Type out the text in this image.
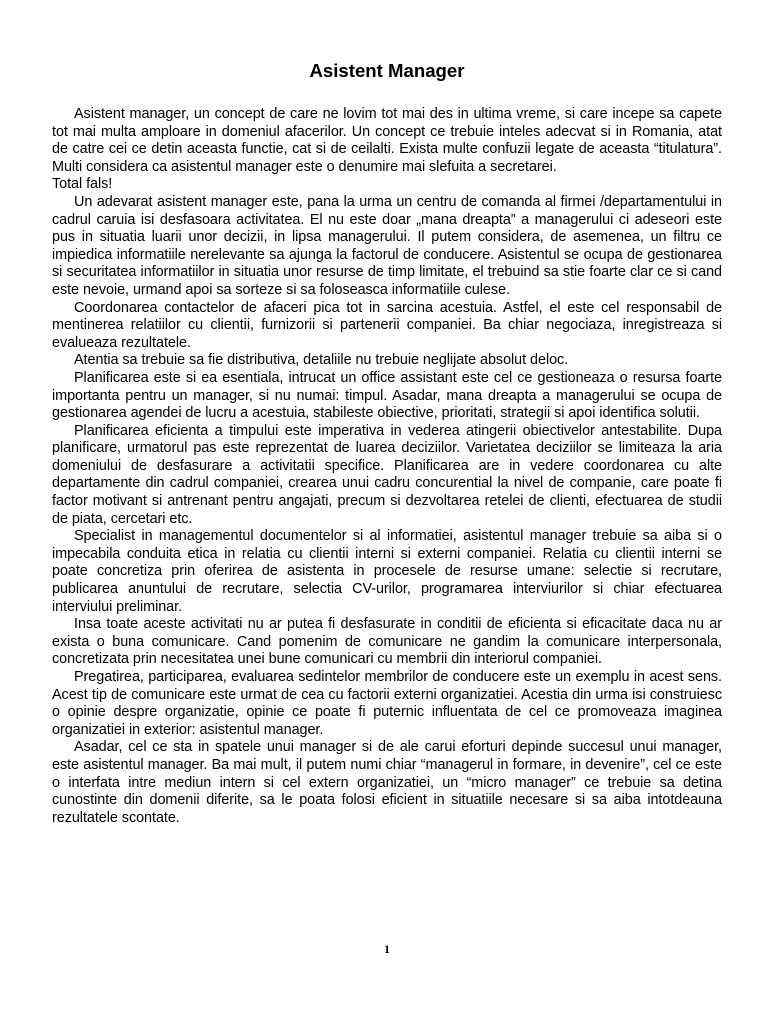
Asistent Manager

Asistent manager, un concept de care ne lovim tot mai des in ultima vreme, si care incepe sa capete tot mai multa amploare in domeniul afacerilor. Un concept ce trebuie inteles adecvat si in Romania, atat de catre cei ce detin aceasta functie, cat si de ceilalti. Exista multe confuzii legate de aceasta “titulatura”. Multi considera ca asistentul manager este o denumire mai slefuita a secretarei.

Total fals!

Un adevarat asistent manager este, pana la urma un centru de comanda al firmei /departamentului in cadrul caruia isi desfasoara activitatea. El nu este doar „mana dreapta” a managerului ci adeseori este pus in situatia luarii unor decizii, in lipsa managerului. Il putem considera, de asemenea, un filtru ce impiedica informatiile nerelevante sa ajunga la factorul de conducere. Asistentul se ocupa de gestionarea si securitatea informatiilor in situatia unor resurse de timp limitate, el trebuind sa stie foarte clar ce si cand este nevoie, urmand apoi sa sorteze si sa foloseasca informatiile culese.

Coordonarea contactelor de afaceri pica tot in sarcina acestuia. Astfel, el este cel responsabil de mentinerea relatiilor cu clientii, furnizorii si partenerii companiei. Ba chiar negociaza, inregistreaza si evalueaza rezultatele.

Atentia sa trebuie sa fie distributiva, detaliile nu trebuie neglijate absolut deloc.

Planificarea este si ea esentiala, intrucat un office assistant este cel ce gestioneaza o resursa foarte importanta pentru un manager, si nu numai: timpul. Asadar, mana dreapta a managerului se ocupa de gestionarea agendei de lucru a acestuia, stabileste obiective, prioritati, strategii si apoi identifica solutii.

Planificarea eficienta a timpului este imperativa in vederea atingerii obiectivelor antestabilite. Dupa planificare, urmatorul pas este reprezentat de luarea deciziilor. Varietatea deciziilor se limiteaza la aria domeniului de desfasurare a activitatii specifice. Planificarea are in vedere coordonarea cu alte departamente din cadrul companiei, crearea unui cadru concurential la nivel de companie, care poate fi factor motivant si antrenant pentru angajati, precum si dezvoltarea retelei de clienti, efectuarea de studii de piata, cercetari etc.

Specialist in managementul documentelor si al informatiei, asistentul manager trebuie sa aiba si o impecabila conduita etica in relatia cu clientii interni si externi companiei. Relatia cu clientii interni se poate concretiza prin oferirea de asistenta in procesele de resurse umane: selectie si recrutare, publicarea anuntului de recrutare, selectia CV-urilor, programarea interviurilor si chiar efectuarea interviului preliminar.

Insa toate aceste activitati nu ar putea fi desfasurate in conditii de eficienta si eficacitate daca nu ar exista o buna comunicare. Cand pomenim de comunicare ne gandim la comunicare interpersonala, concretizata prin necesitatea unei bune comunicari cu membrii din interiorul companiei.

Pregatirea, participarea, evaluarea sedintelor membrilor de conducere este un exemplu in acest sens. Acest tip de comunicare este urmat de cea cu factorii externi organizatiei. Acestia din urma isi construiesc o opinie despre organizatie, opinie ce poate fi puternic influentata de cel ce promoveaza imaginea organizatiei in exterior: asistentul manager.

Asadar, cel ce sta in spatele unui manager si de ale carui eforturi depinde succesul unui manager, este asistentul manager. Ba mai mult, il putem numi chiar “managerul in formare, in devenire”, cel ce este o interfata intre mediun intern si cel extern organizatiei, un “micro manager” ce trebuie sa detina cunostinte din domenii diferite, sa le poata folosi eficient in situatiile necesare si sa aiba intotdeauna rezultatele scontate.

1
